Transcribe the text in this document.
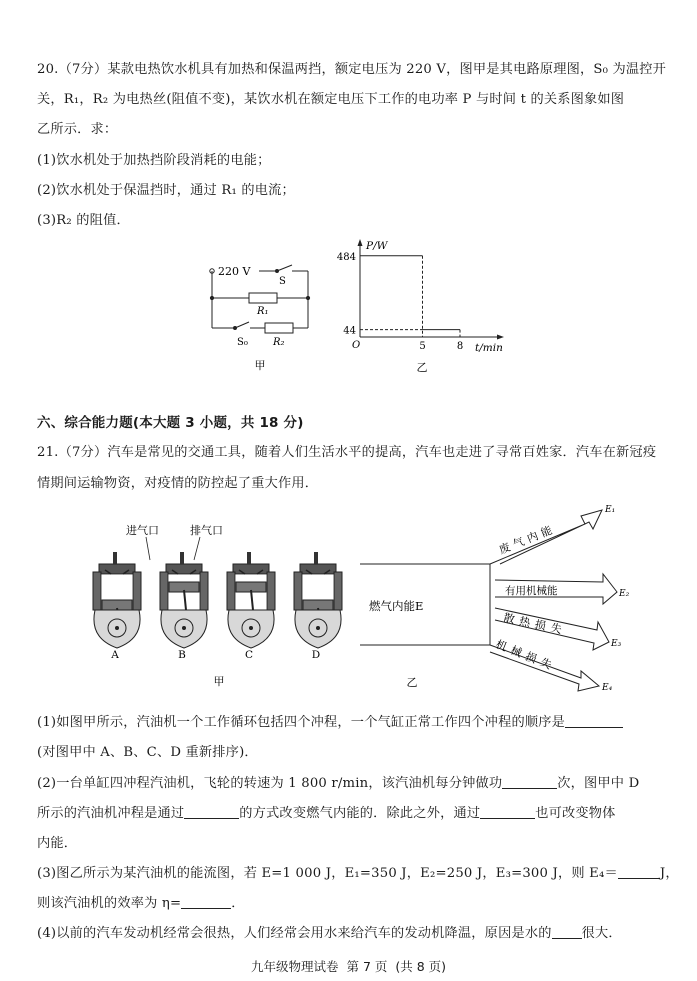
20.（7分）某款电热饮水机具有加热和保温两挡，额定电压为 220 V，图甲是其电路原理图，S₀ 为温控开
关，R₁，R₂ 为电热丝(阻值不变)，某饮水机在额定电压下工作的电功率 P 与时间 t 的关系图象如图
乙所示．求：
(1)饮水机处于加热挡阶段消耗的电能；
(2)饮水机处于保温挡时，通过 R₁ 的电流；
(3)R₂ 的阻值．
220 V
S
R₁
S₀	R₂
甲
484
44
5	8
P/W
t/min
O
乙
六、综合能力题(本大题 3 小题，共 18 分)
21.（7分）汽车是常见的交通工具，随着人们生活水平的提高，汽车也走进了寻常百姓家．汽车在新冠疫
情期间运输物资，对疫情的防控起了重大作用．
进气口	排气口
A	B	C	D
甲
燃气内能E
废气内能
有用机械能
散热损失
机械损失
E₁
E₂
E₃
E₄
乙
(1)如图甲所示，汽油机一个工作循环包括四个冲程，一个气缸正常工作四个冲程的顺序是
(对图甲中 A、B、C、D 重新排序)．
(2)一台单缸四冲程汽油机，飞轮的转速为 1 800 r/min，该汽油机每分钟做功	次，图甲中 D
所示的汽油机冲程是通过	的方式改变燃气内能的．除此之外，通过	也可改变物体
内能．
(3)图乙所示为某汽油机的能流图，若 E=1 000 J，E₁=350 J，E₂=250 J，E₃=300 J，则 E₄＝	J，
则该汽油机的效率为 η=	．
(4)以前的汽车发动机经常会很热，人们经常会用水来给汽车的发动机降温，原因是水的 很大．
九年级物理试卷 第 7 页 (共 8 页)
